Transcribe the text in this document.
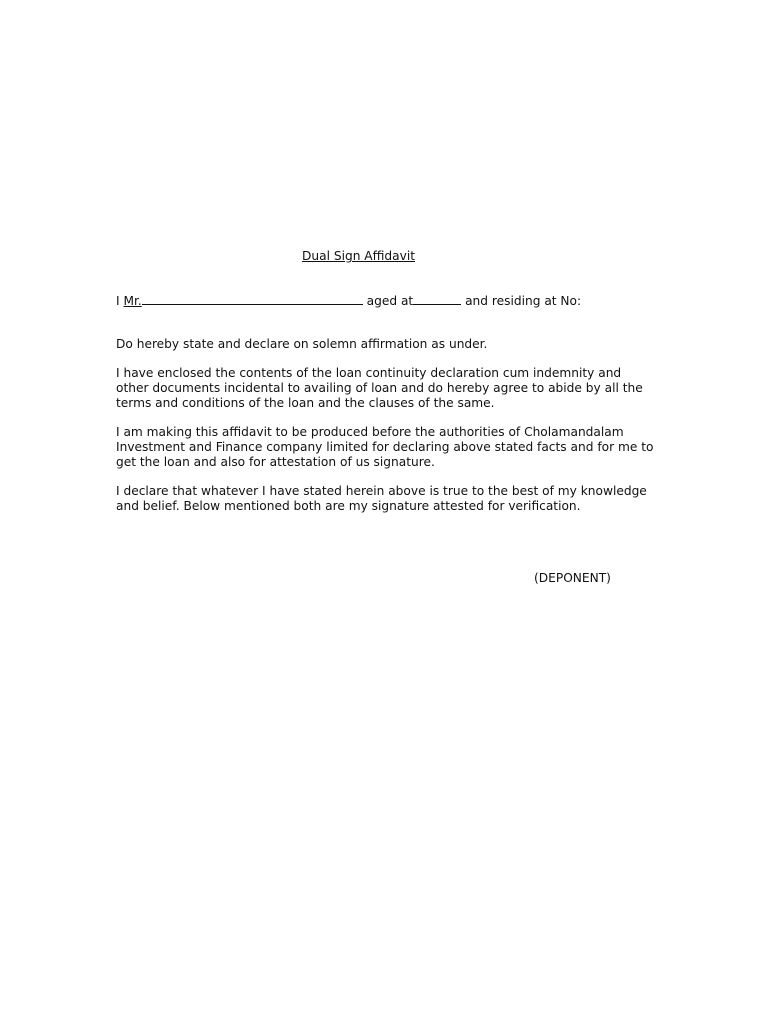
Dual Sign Affidavit
I Mr.	aged at	and residing at No:

Do hereby state and declare on solemn affirmation as under.

I have enclosed the contents of the loan continuity declaration cum indemnity and other documents incidental to availing of loan and do hereby agree to abide by all the terms and conditions of the loan and the clauses of the same.

I am making this affidavit to be produced before the authorities of Cholamandalam Investment and Finance company limited for declaring above stated facts and for me to get the loan and also for attestation of us signature.

I declare that whatever I have stated herein above is true to the best of my knowledge and belief. Below mentioned both are my signature attested for verification.

(DEPONENT)
